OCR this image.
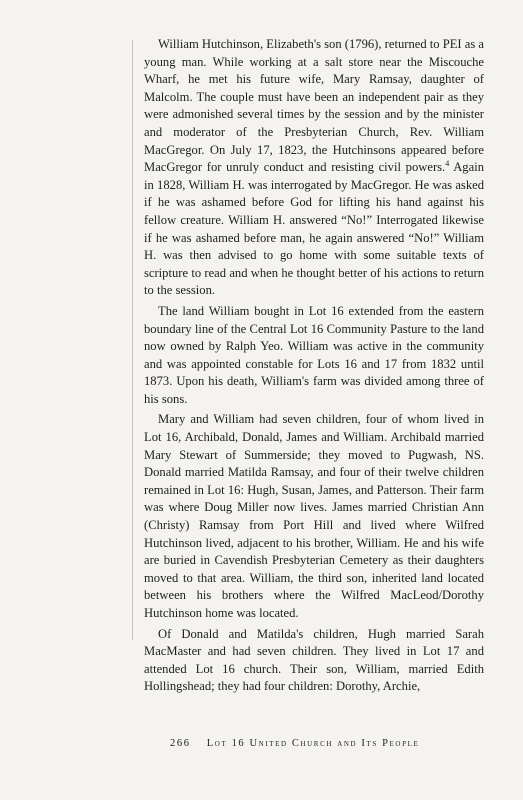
William Hutchinson, Elizabeth's son (1796), returned to PEI as a young man. While working at a salt store near the Miscouche Wharf, he met his future wife, Mary Ramsay, daughter of Malcolm. The couple must have been an independent pair as they were admonished several times by the session and by the minister and moderator of the Presbyterian Church, Rev. William MacGregor. On July 17, 1823, the Hutchinsons appeared before MacGregor for unruly conduct and resisting civil powers.$^4$ Again in 1828, William H. was interrogated by MacGregor. He was asked if he was ashamed before God for lifting his hand against his fellow creature. William H. answered “No!” Interrogated likewise if he was ashamed before man, he again answered “No!” William H. was then advised to go home with some suitable texts of scripture to read and when he thought better of his actions to return to the session.

The land William bought in Lot 16 extended from the eastern boundary line of the Central Lot 16 Community Pasture to the land now owned by Ralph Yeo. William was active in the community and was appointed constable for Lots 16 and 17 from 1832 until 1873. Upon his death, William's farm was divided among three of his sons.

Mary and William had seven children, four of whom lived in Lot 16, Archibald, Donald, James and William. Archibald married Mary Stewart of Summerside; they moved to Pugwash, NS. Donald married Matilda Ramsay, and four of their twelve children remained in Lot 16: Hugh, Susan, James, and Patterson. Their farm was where Doug Miller now lives. James married Christian Ann (Christy) Ramsay from Port Hill and lived where Wilfred Hutchinson lived, adjacent to his brother, William. He and his wife are buried in Cavendish Presbyterian Cemetery as their daughters moved to that area. William, the third son, inherited land located between his brothers where the Wilfred MacLeod/Dorothy Hutchinson home was located.

Of Donald and Matilda's children, Hugh married Sarah MacMaster and had seven children. They lived in Lot 17 and attended Lot 16 church. Their son, William, married Edith Hollingshead; they had four children: Dorothy, Archie,

266 Lot 16 United Church and Its People
